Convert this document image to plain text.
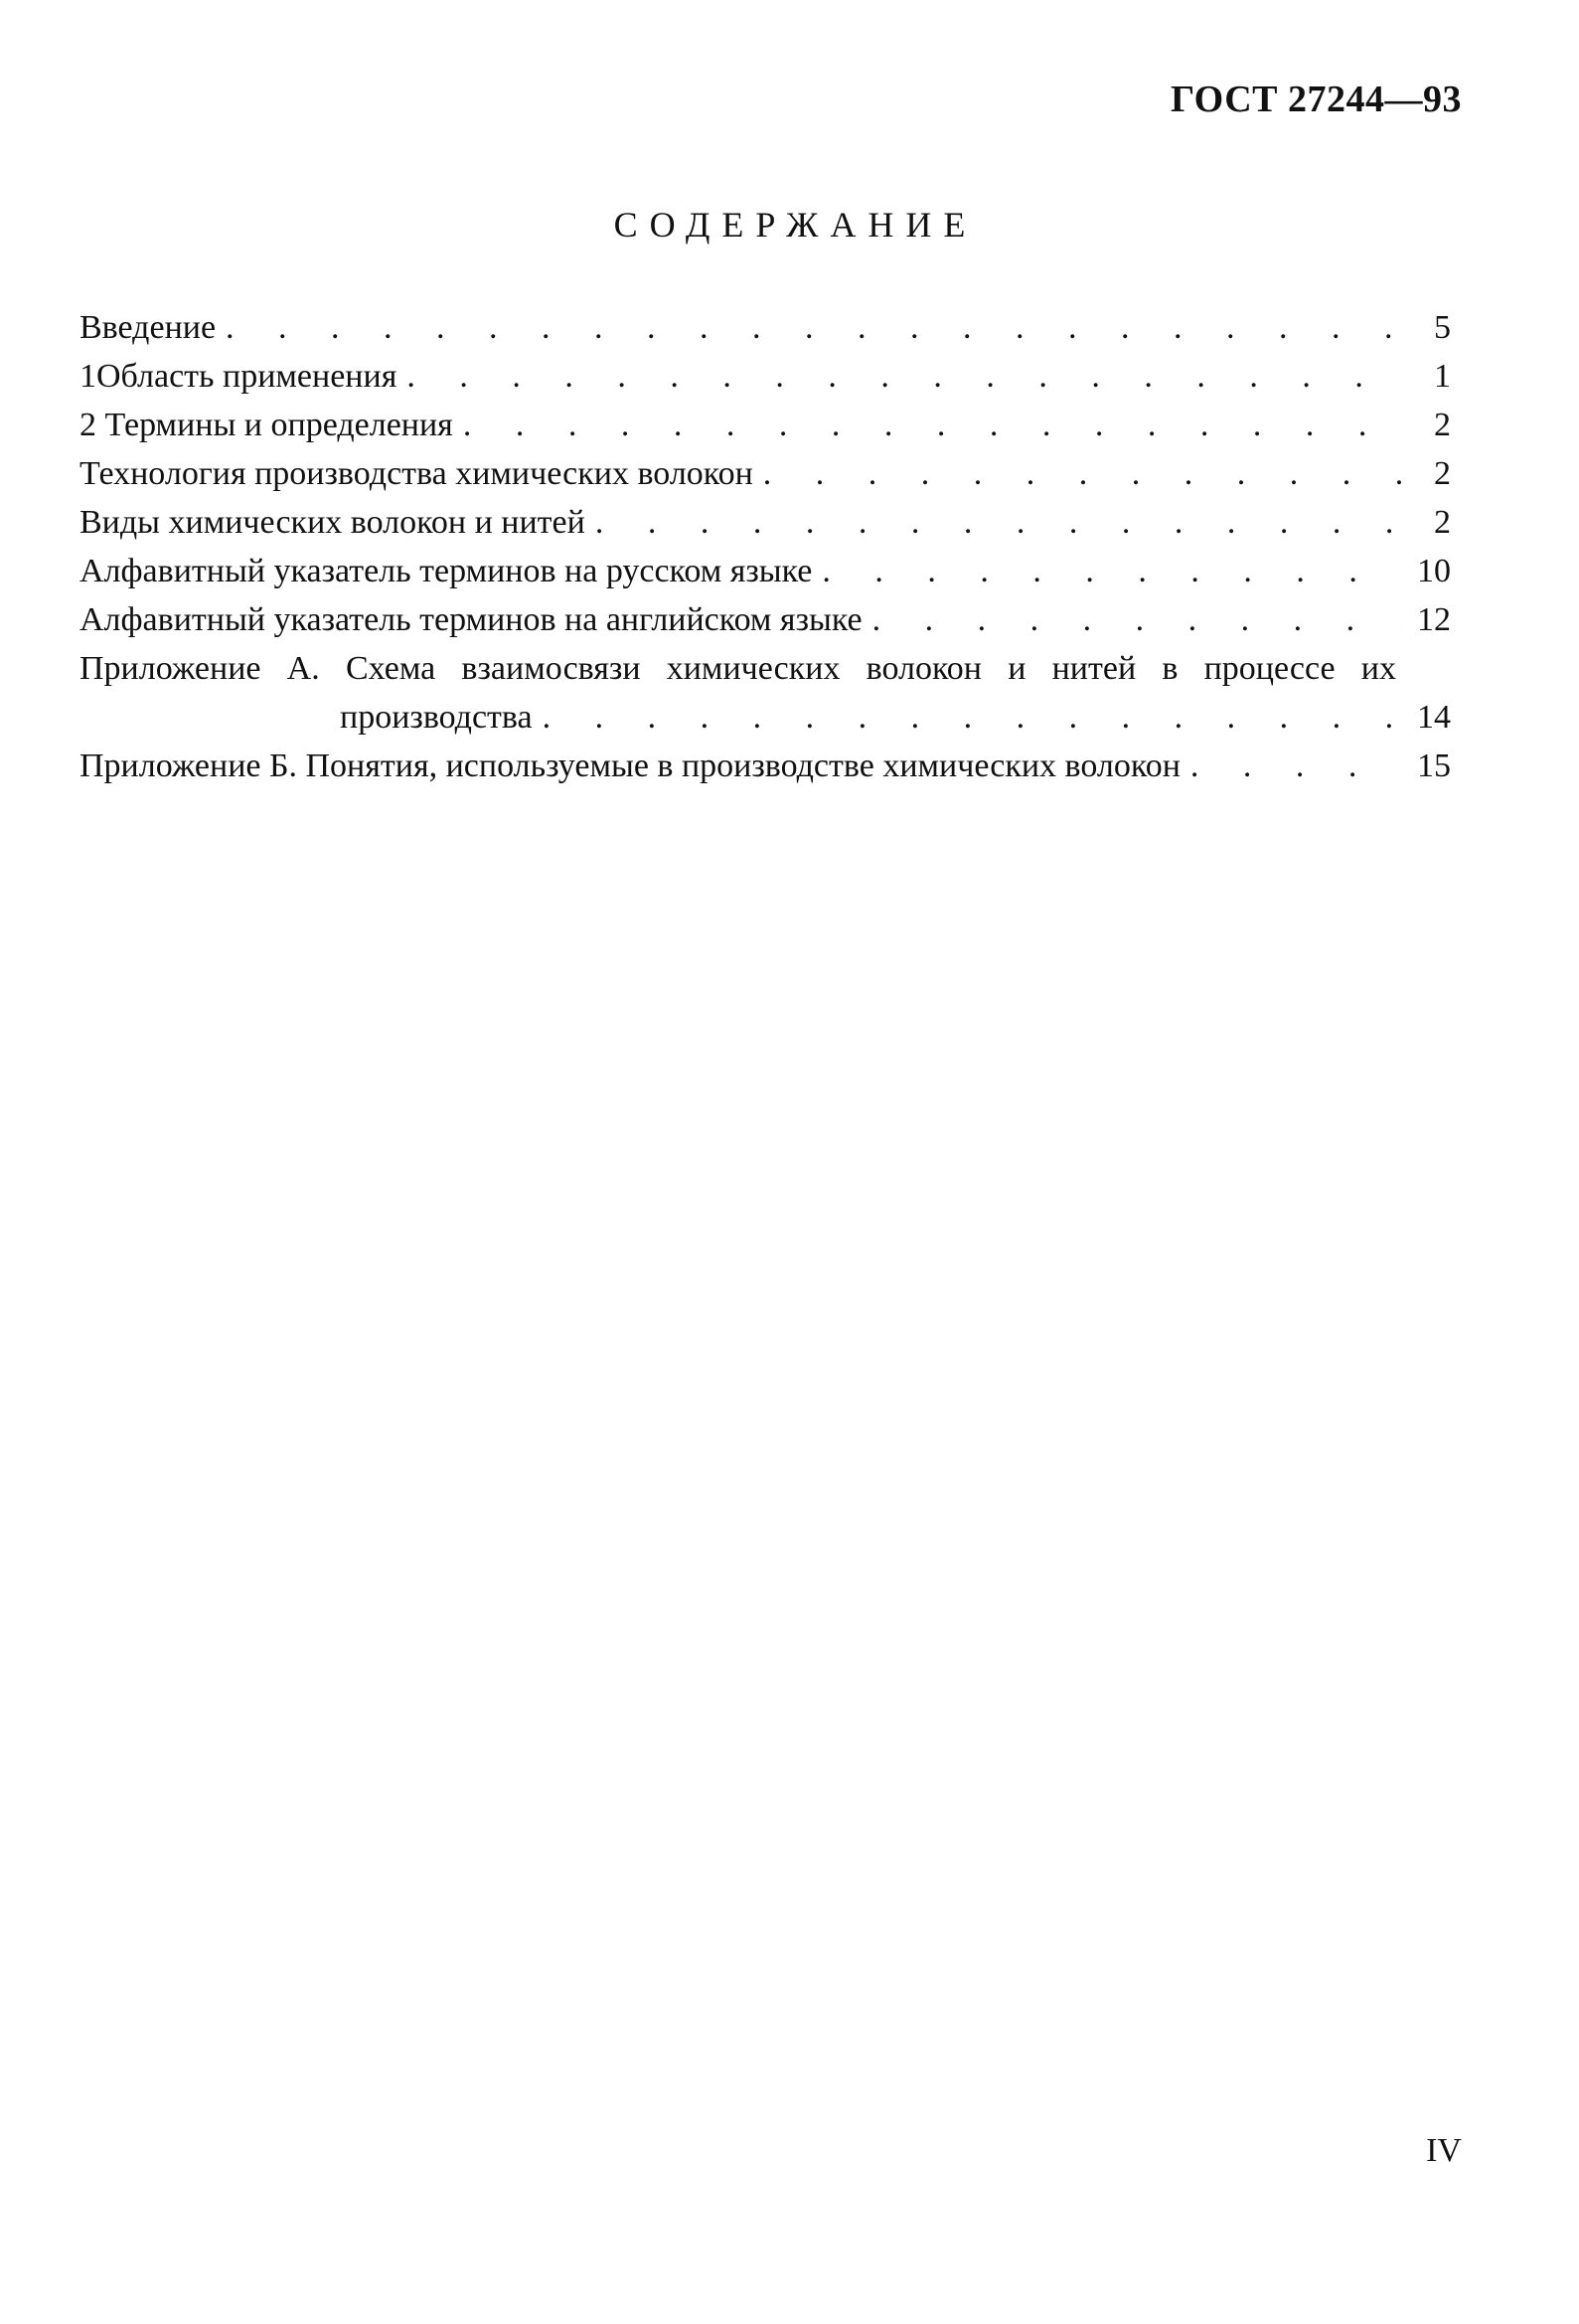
ГОСТ 27244—93
СОДЕРЖАНИЕ
Введение . . .	5
1Область применения . . .	1
2 Термины и определения . . .	2
Технология производства химических волокон . . .	2
Виды химических волокон и нитей . . .	2
Алфавитный указатель терминов на русском языке . . .	10
Алфавитный указатель терминов на английском языке . . .	12
Приложение А. Схема взаимосвязи химических волокон и нитей в процессе их
производства . . .	14
Приложение Б. Понятия, используемые в производстве химических волокон . . .	15
IV
